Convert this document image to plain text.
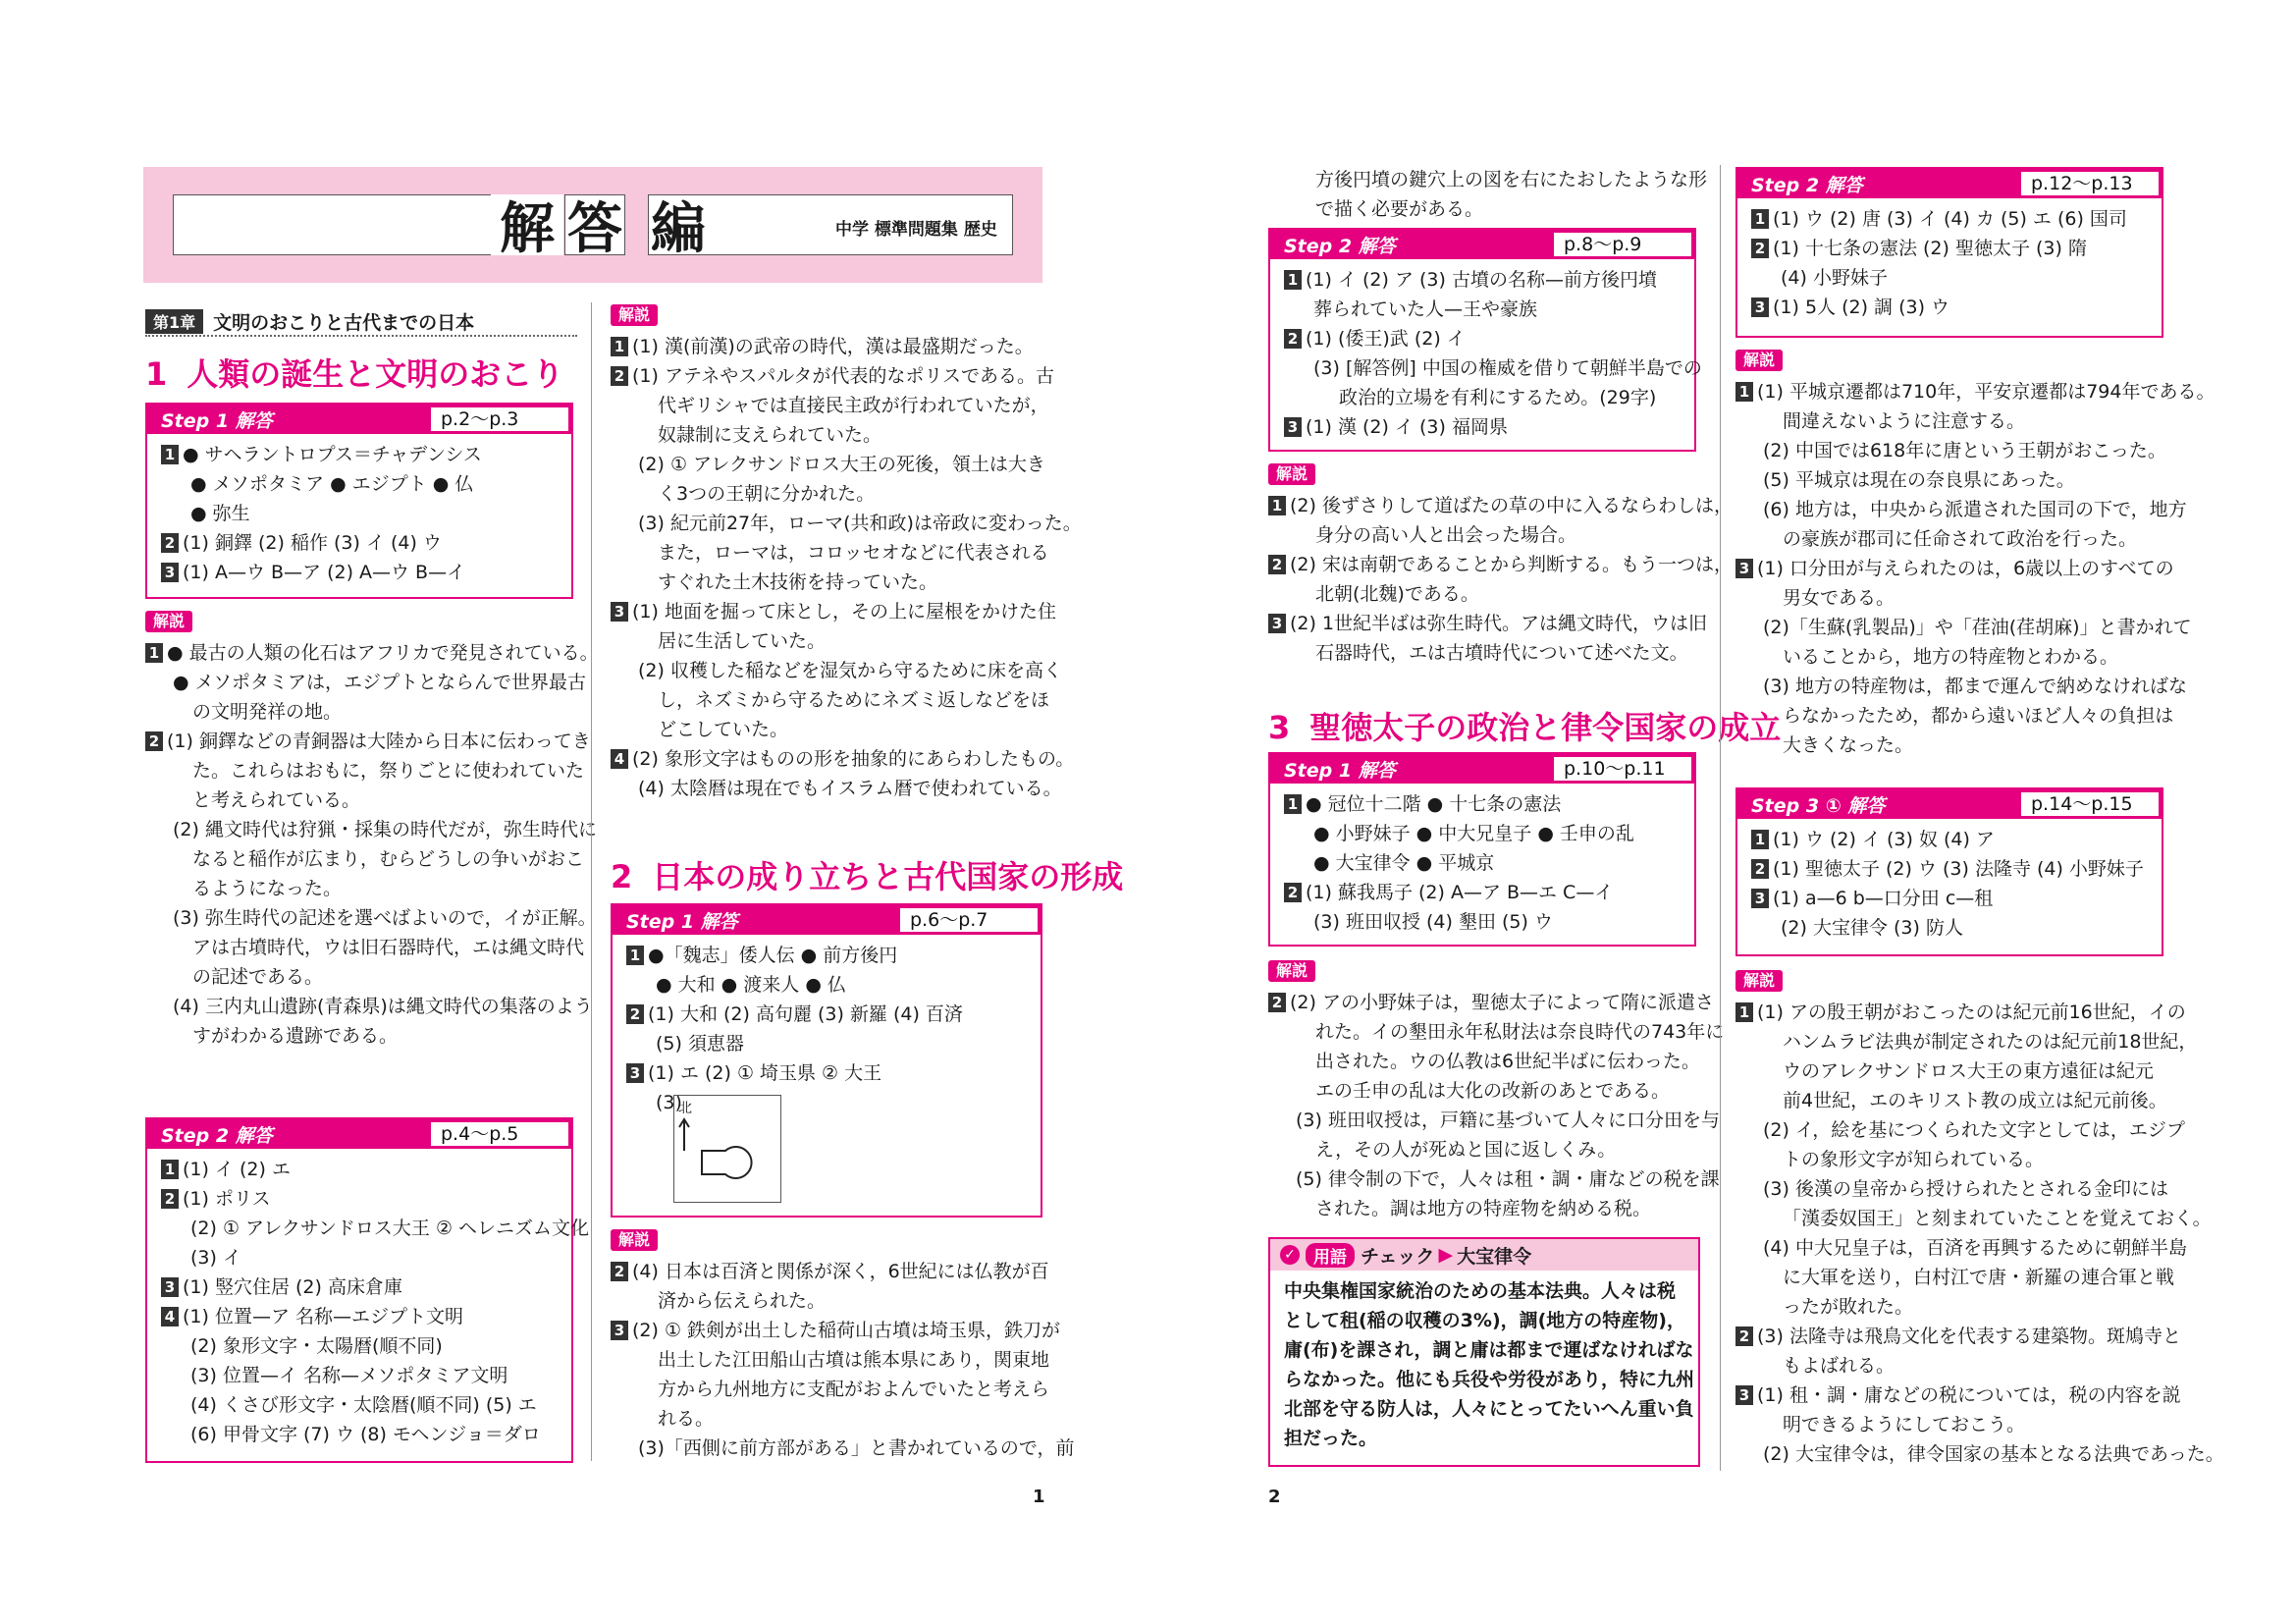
解 答 編	中学 標準問題集 歴史
第1章 文明のおこりと古代までの日本
1 人類の誕生と文明のおこり
Step 1 解答	p.2～p.3
1 ● サヘラントロプス＝チャデンシス
● メソポタミア ● エジプト ● 仏
● 弥生
2 (1) 銅鐸 (2) 稲作 (3) イ (4) ウ
3 (1) A—ウ B—ア (2) A—ウ B—イ
解説
1 ● 最古の人類の化石はアフリカで発見されている。
● メソポタミアは，エジプトとならんで世界最古
の文明発祥の地。
2 (1) 銅鐸などの青銅器は大陸から日本に伝わってき
た。これらはおもに，祭りごとに使われていた
と考えられている。
(2) 縄文時代は狩猟・採集の時代だが，弥生時代に
なると稲作が広まり，むらどうしの争いがおこ
るようになった。
(3) 弥生時代の記述を選べばよいので，イが正解。
アは古墳時代，ウは旧石器時代，エは縄文時代
の記述である。
(4) 三内丸山遺跡(青森県)は縄文時代の集落のよう
すがわかる遺跡である。
Step 2 解答	p.4～p.5
1 (1) イ (2) エ
2 (1) ポリス
(2) ① アレクサンドロス大王 ② ヘレニズム文化
(3) イ
3 (1) 竪穴住居 (2) 高床倉庫
4 (1) 位置—ア 名称—エジプト文明
(2) 象形文字・太陽暦(順不同)
(3) 位置—イ 名称—メソポタミア文明
(4) くさび形文字・太陰暦(順不同) (5) エ
(6) 甲骨文字 (7) ウ (8) モヘンジョ＝ダロ
解説
1 (1) 漢(前漢)の武帝の時代，漢は最盛期だった。
2 (1) アテネやスパルタが代表的なポリスである。古
代ギリシャでは直接民主政が行われていたが，
奴隷制に支えられていた。
(2) ① アレクサンドロス大王の死後，領土は大き
く3つの王朝に分かれた。
(3) 紀元前27年，ローマ(共和政)は帝政に変わった。
また，ローマは，コロッセオなどに代表される
すぐれた土木技術を持っていた。
3 (1) 地面を掘って床とし，その上に屋根をかけた住
居に生活していた。
(2) 収穫した稲などを湿気から守るために床を高く
し，ネズミから守るためにネズミ返しなどをほ
どこしていた。
4 (2) 象形文字はものの形を抽象的にあらわしたもの。
(4) 太陰暦は現在でもイスラム暦で使われている。
2 日本の成り立ちと古代国家の形成
Step 1 解答	p.6～p.7
1 ●「魏志」倭人伝 ● 前方後円
● 大和 ● 渡来人 ● 仏
2 (1) 大和 (2) 高句麗 (3) 新羅 (4) 百済
(5) 須恵器
3 (1) エ (2) ① 埼玉県 ② 大王
(3)
北
解説
2 (4) 日本は百済と関係が深く，6世紀には仏教が百
済から伝えられた。
3 (2) ① 鉄剣が出土した稲荷山古墳は埼玉県，鉄刀が
出土した江田船山古墳は熊本県にあり，関東地
方から九州地方に支配がおよんでいたと考えら
れる。
(3)「西側に前方部がある」と書かれているので，前
1
方後円墳の鍵穴上の図を右にたおしたような形
で描く必要がある。
Step 2 解答	p.8～p.9
1 (1) イ (2) ア (3) 古墳の名称—前方後円墳
葬られていた人—王や豪族
2 (1) (倭王)武 (2) イ
(3) [解答例] 中国の権威を借りて朝鮮半島での
政治的立場を有利にするため。(29字)
3 (1) 漢 (2) イ (3) 福岡県
解説
1 (2) 後ずさりして道ばたの草の中に入るならわしは，
身分の高い人と出会った場合。
2 (2) 宋は南朝であることから判断する。もう一つは，
北朝(北魏)である。
3 (2) 1世紀半ばは弥生時代。アは縄文時代，ウは旧
石器時代，エは古墳時代について述べた文。
3 聖徳太子の政治と律令国家の成立
Step 1 解答	p.10～p.11
1 ● 冠位十二階 ● 十七条の憲法
● 小野妹子 ● 中大兄皇子 ● 壬申の乱
● 大宝律令 ● 平城京
2 (1) 蘇我馬子 (2) A—ア B—エ C—イ
(3) 班田収授 (4) 墾田 (5) ウ
解説
2 (2) アの小野妹子は，聖徳太子によって隋に派遣さ
れた。イの墾田永年私財法は奈良時代の743年に
出された。ウの仏教は6世紀半ばに伝わった。
エの壬申の乱は大化の改新のあとである。
(3) 班田収授は，戸籍に基づいて人々に口分田を与
え，その人が死ぬと国に返しくみ。
(5) 律令制の下で，人々は租・調・庸などの税を課
された。調は地方の特産物を納める税。
✓	用語 チェック ▶ 大宝律令
中央集権国家統治のための基本法典。人々は税
として租(稲の収穫の3%)，調(地方の特産物)，
庸(布)を課され，調と庸は都まで運ばなければな
らなかった。他にも兵役や労役があり，特に九州
北部を守る防人は，人々にとってたいへん重い負
担だった。
2
Step 2 解答	p.12～p.13
1 (1) ウ (2) 唐 (3) イ (4) カ (5) エ (6) 国司
2 (1) 十七条の憲法 (2) 聖徳太子 (3) 隋
(4) 小野妹子
3 (1) 5人 (2) 調 (3) ウ
解説
1 (1) 平城京遷都は710年，平安京遷都は794年である。
間違えないように注意する。
(2) 中国では618年に唐という王朝がおこった。
(5) 平城京は現在の奈良県にあった。
(6) 地方は，中央から派遣された国司の下で，地方
の豪族が郡司に任命されて政治を行った。
3 (1) 口分田が与えられたのは，6歳以上のすべての
男女である。
(2)「生蘇(乳製品)」や「荏油(荏胡麻)」と書かれて
いることから，地方の特産物とわかる。
(3) 地方の特産物は，都まで運んで納めなければな
らなかったため，都から遠いほど人々の負担は
大きくなった。
Step 3 ① 解答	p.14～p.15
1 (1) ウ (2) イ (3) 奴 (4) ア
2 (1) 聖徳太子 (2) ウ (3) 法隆寺 (4) 小野妹子
3 (1) a—6 b—口分田 c—租
(2) 大宝律令 (3) 防人
解説
1 (1) アの殷王朝がおこったのは紀元前16世紀，イの
ハンムラビ法典が制定されたのは紀元前18世紀，
ウのアレクサンドロス大王の東方遠征は紀元
前4世紀，エのキリスト教の成立は紀元前後。
(2) イ，絵を基につくられた文字としては，エジプ
トの象形文字が知られている。
(3) 後漢の皇帝から授けられたとされる金印には
「漢委奴国王」と刻まれていたことを覚えておく。
(4) 中大兄皇子は，百済を再興するために朝鮮半島
に大軍を送り，白村江で唐・新羅の連合軍と戦
ったが敗れた。
2 (3) 法隆寺は飛鳥文化を代表する建築物。斑鳩寺と
もよばれる。
3 (1) 租・調・庸などの税については，税の内容を説
明できるようにしておこう。
(2) 大宝律令は，律令国家の基本となる法典であった。
